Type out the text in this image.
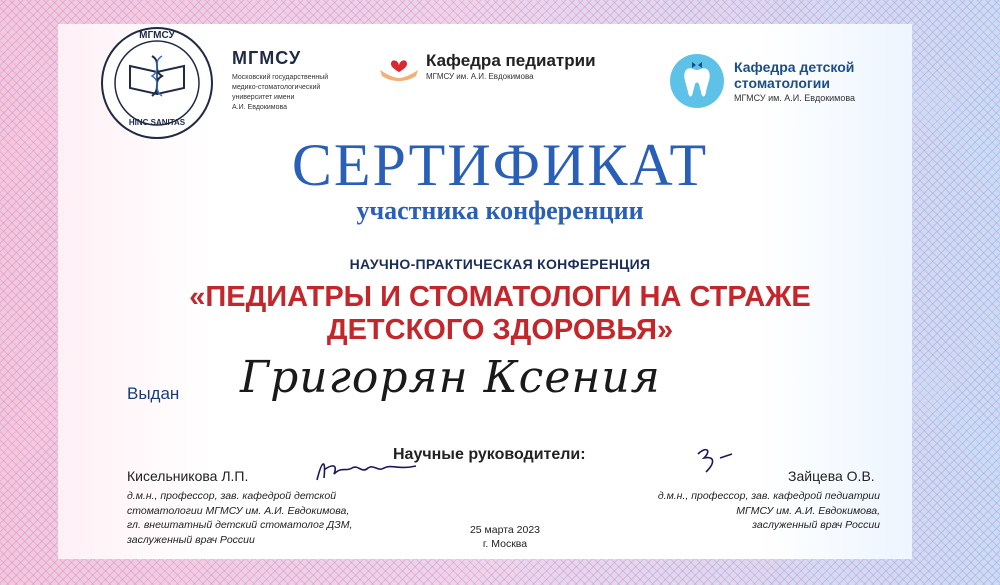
МГМСУ
HINC SANITAS
МГМСУ
Московский государственный
медико-стоматологический
университет имени
А.И. Евдокимова
Кафедра педиатрии
МГМСУ им. А.И. Евдокимова
Кафедра детской
стоматологии
МГМСУ им. А.И. Евдокимова
СЕРТИФИКАТ
участника конференции
НАУЧНО-ПРАКТИЧЕСКАЯ КОНФЕРЕНЦИЯ
«ПЕДИАТРЫ И СТОМАТОЛОГИ НА СТРАЖЕ
ДЕТСКОГО ЗДОРОВЬЯ»
Выдан Григорян Ксения
Научные руководители:
Кисельникова Л.П.
д.м.н., профессор, зав. кафедрой детской
стоматологии МГМСУ им. А.И. Евдокимова,
гл. внештатный детский стоматолог ДЗМ,
заслуженный врач России
Зайцева О.В.
д.м.н., профессор, зав. кафедрой педиатрии
МГМСУ им. А.И. Евдокимова,
заслуженный врач России
25 марта 2023
г. Москва
